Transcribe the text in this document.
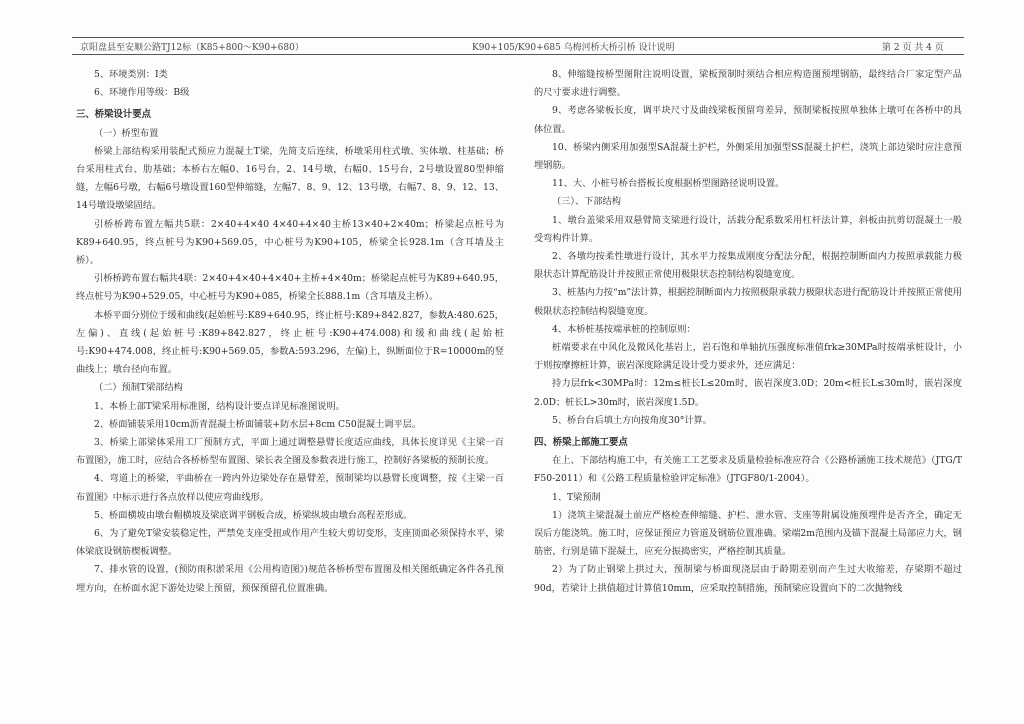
京阳盘县至安顺公路TJ12标（K85+800～K90+680）	K90+105/K90+685 乌梅河桥大桥引桥 设计说明	第 2 页 共 4 页

5、环境类别：I类

6、环境作用等级：B级

三、桥梁设计要点

（一）桥型布置

桥梁上部结构采用装配式预应力混凝土T梁，先简支后连续，桥墩采用柱式墩、实体墩、柱基础；桥台采用柱式台、肋基础；本桥右左幅0、16号台，2、14号墩，右幅0、15号台，2号墩设置80型伸缩缝，左幅6号墩，右幅6号墩设置160型伸缩缝，左幅7、8、9、12、13号墩，右幅7、8、9、12、13、14号墩设墩梁固结。

引桥桥跨布置左幅共5联：2×40+4×40 4×40+4×40主桥13×40+2×40m；桥梁起点桩号为K89+640.95，终点桩号为K90+569.05，中心桩号为K90+105，桥梁全长928.1m（含耳墙及主桥）。

引桥桥跨布置右幅共4联：2×40+4×40+4×40+主桥+4×40m；桥梁起点桩号为K89+640.95，终点桩号为K90+529.05，中心桩号为K90+085，桥梁全长888.1m（含耳墙及主桥）。

本桥平面分别位于缓和曲线(起始桩号:K89+640.95，终止桩号:K89+842.827，参数A:480.625，左偏)、直线(起始桩号:K89+842.827，终止桩号:K90+474.008)和缓和曲线(起始桩号:K90+474.008，终止桩号:K90+569.05，参数A:593.296，左偏)上，纵断面位于R=10000m的竖曲线上；墩台径向布置。

（二）预制T梁部结构

1、本桥上部T梁采用标准图，结构设计要点详见标准图说明。

2、桥面铺装采用10cm沥青混凝土桥面铺装+防水层+8cm C50混凝土调平层。

3、桥梁上部梁体采用工厂预制方式，平面上通过调整悬臂长度适应曲线，具体长度详见《主梁一百布置图》，施工时，应结合各桥桥型布置图、梁长表全图及参数表进行施工，控制好各梁板的预制长度。

4、弯道上的桥梁，平曲桥在一跨内外边梁处存在悬臂差，预制梁均以悬臂长度调整，按《主梁一百布置图》中标示进行各点放样以使应弯曲线形。

5、桥面横坡由墩台帽横坡及梁底调平钢板合成，桥梁纵坡由墩台高程差形成。

6、为了避免T梁安装稳定性，严禁免支座受扭或作用产生较大剪切变形，支座顶面必须保持水平，梁体梁底设钢筋楔板调整。

7、排水管的设置，(预防雨积淤采用《公用构造图》)规范各桥桥型布置图及相关图纸确定各件各孔预埋方向，在桥面水泥下游处边梁上预留，预保预留孔位置准确。

8、伸缩缝按桥型图附注说明设置，梁板预制时须结合相应构造图预埋钢筋，最终结合厂家定型产品的尺寸要求进行调整。

9、考虑各梁板长度，调平块尺寸及曲线梁板预留弯差异，预制梁板按照单独体上墩可在各桥中的具体位置。

10、桥梁内侧采用加强型SA混凝土护栏，外侧采用加强型SS混凝土护栏，浇筑上部边梁时应注意预埋钢筋。

11、大、小桩号桥台搭板长度根据桥型图路径说明设置。

（三）、下部结构

1、墩台盖梁采用双悬臂简支梁进行设计，活载分配系数采用杠杆法计算，斜板由抗剪切混凝土一般受弯构件计算。

2、各墩均按柔性墩进行设计，其水平力按集成刚度分配法分配，根据控制断面内力按照承载能力极限状态计算配筋设计并按照正常使用极限状态控制结构裂缝宽度。

3、桩基内力按“m”法计算，根据控制断面内力按照极限承载力极限状态进行配筋设计并按照正常使用极限状态控制结构裂缝宽度。

4、本桥桩基按端承桩的控制原则：

桩端要求在中风化及微风化基岩上，岩石饱和单轴抗压强度标准值frk≥30MPa时按端承桩设计，小于则按摩擦桩计算，嵌岩深度除满足设计受力要求外，还应满足：

持力层frk<30MPa时：12m≤桩长L≤20m时，嵌岩深度3.0D；20m<桩长L≤30m时，嵌岩深度2.0D；桩长L>30m时，嵌岩深度1.5D。

5、桥台台后填土方向按角度30°计算。

四、桥梁上部施工要点

在上、下部结构施工中，有关施工工艺要求及质量检验标准应符合《公路桥涵施工技术规范》（JTG/T F50-2011）和《公路工程质量检验评定标准》（JTGF80/1-2004）。

1、T梁预制

1）浇筑主梁混凝土前应严格检查伸缩缝、护栏、泄水管、支座等附属设施预埋件是否齐全，确定无误后方能浇筑。施工时，应保证预应力管道及钢筋位置准确。梁端2m范围内及锚下混凝土局部应力大，钢筋密，行别是锚下混凝土，应充分振捣密实，严格控制其质量。

2）为了防止钢梁上拱过大，预制梁与桥面现浇层由于龄期差别而产生过大收缩差，存梁期不超过90d，若梁计上拱值超过计算值10mm，应采取控制措施，预制梁应设置向下的二次抛物线
